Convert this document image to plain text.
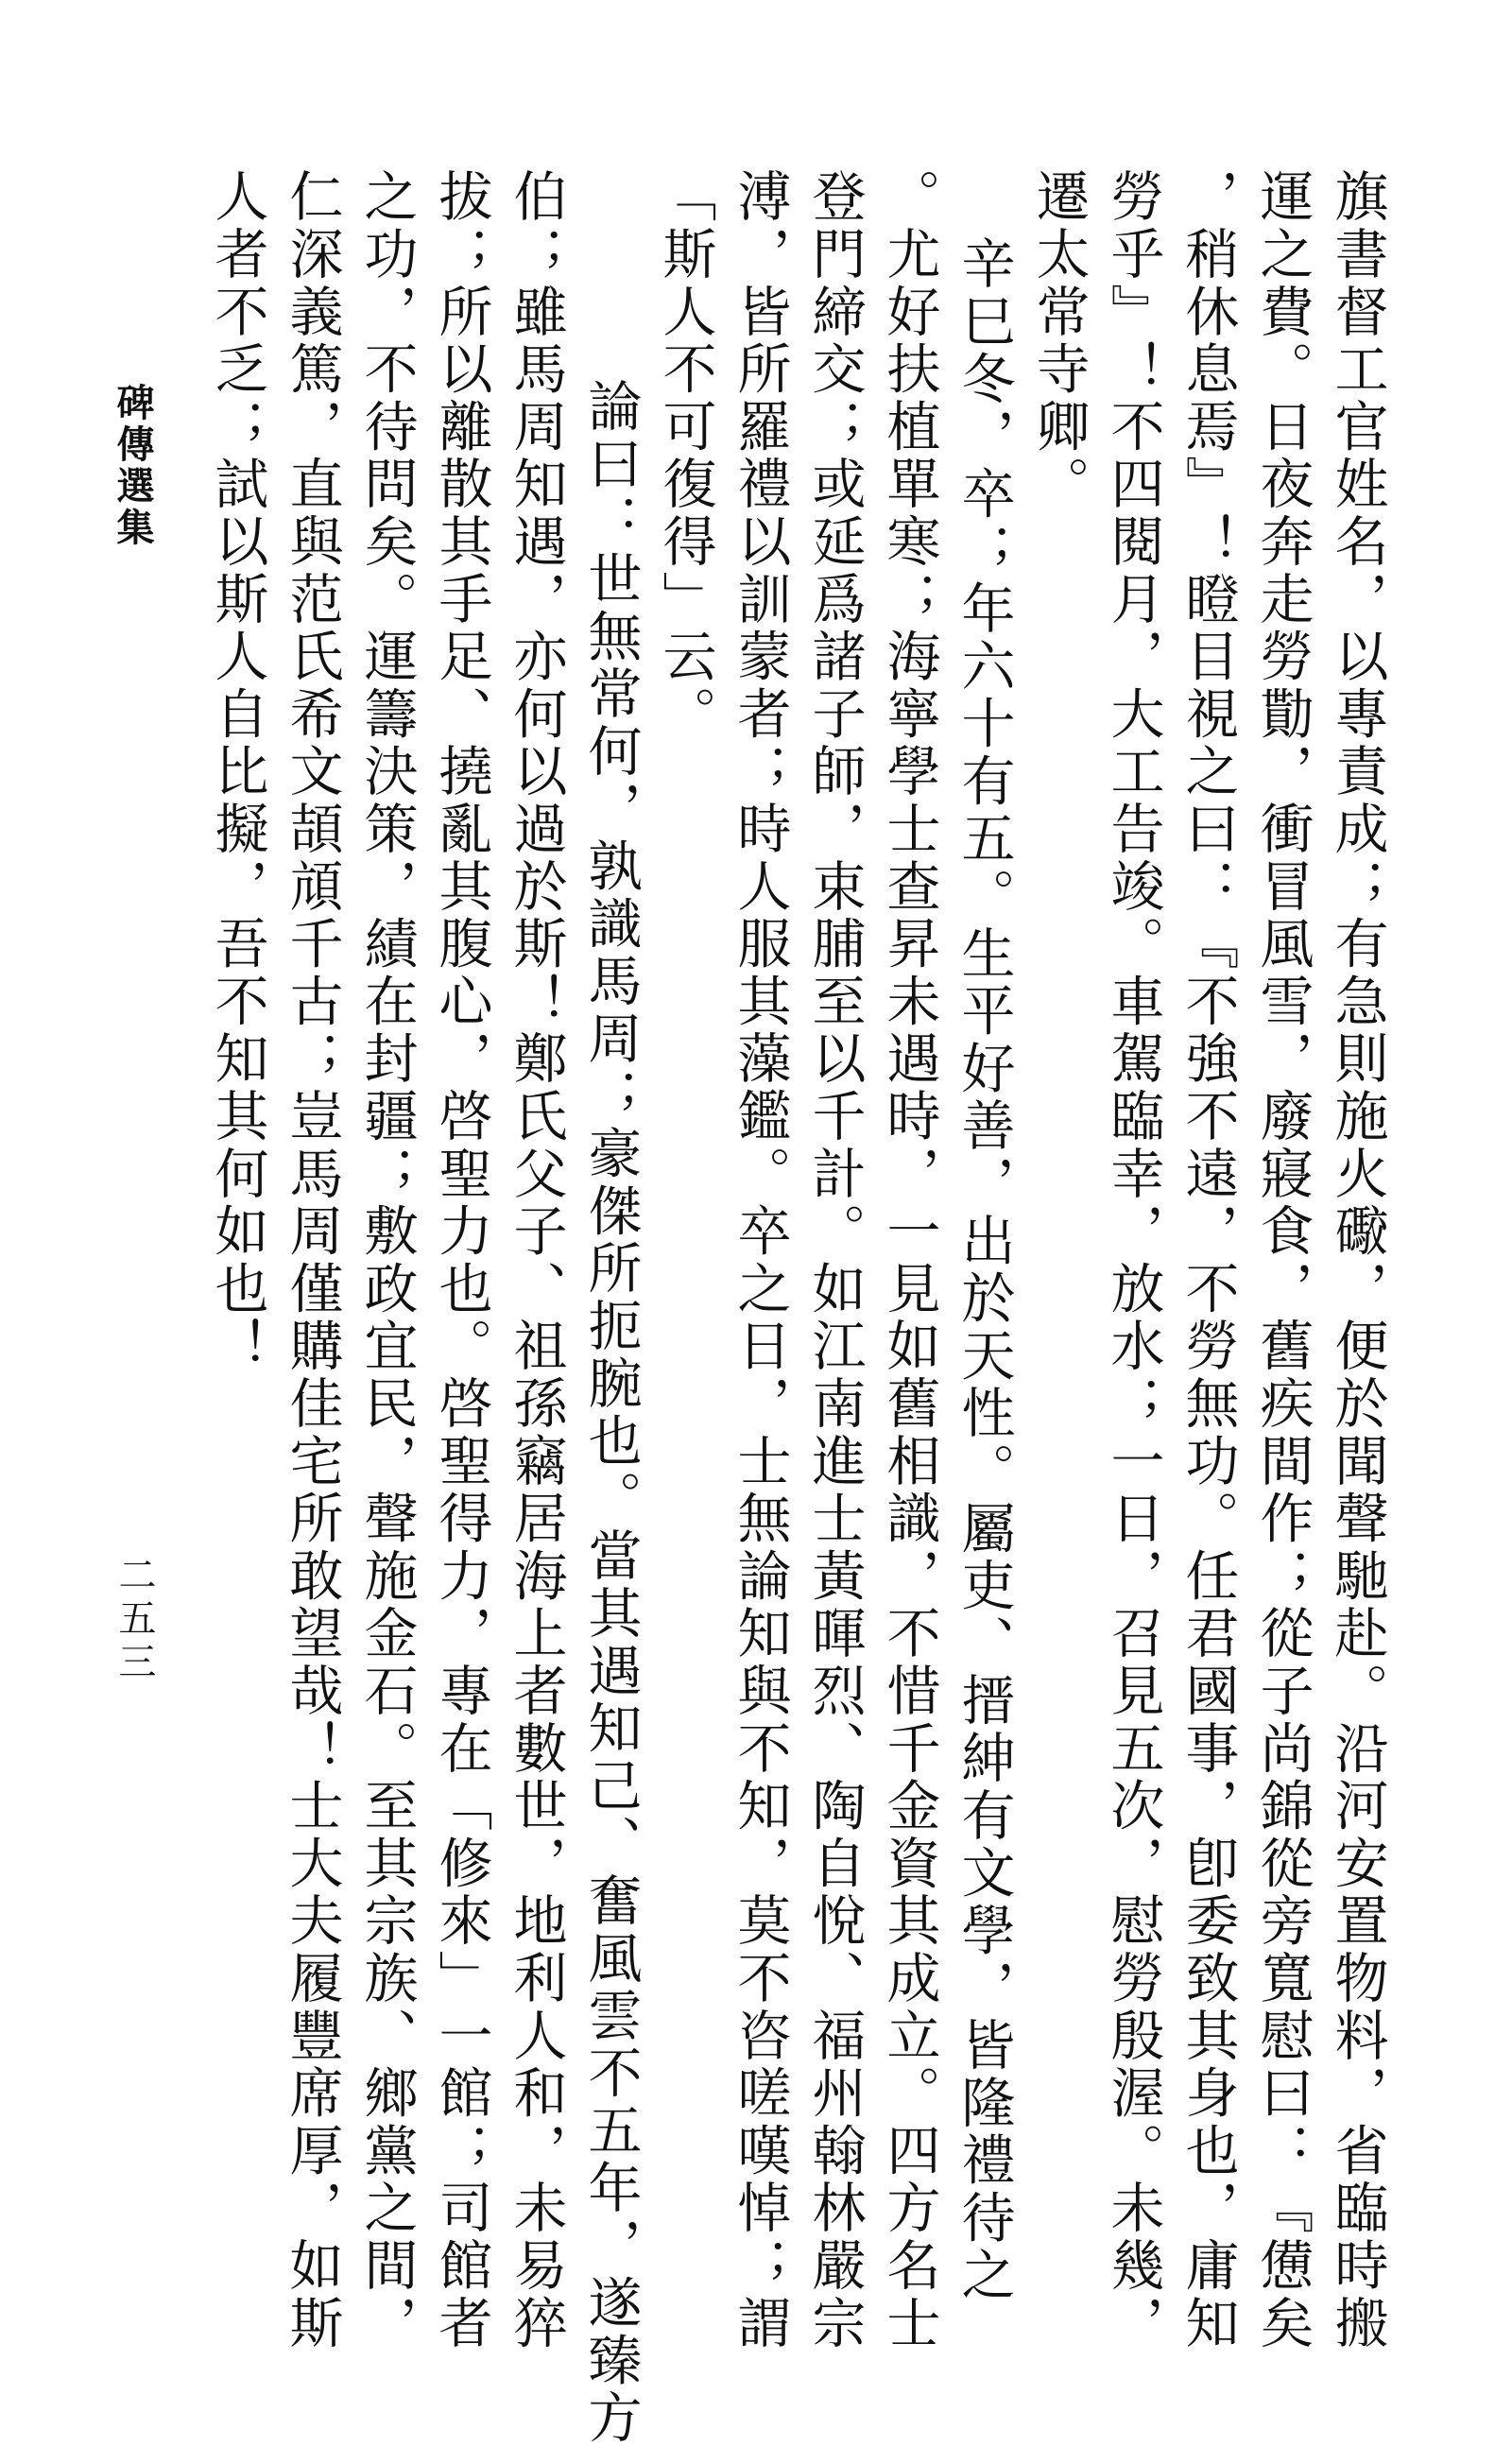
旗書督工官姓名，以專責成；有急則施火礮，便於聞聲馳赴。沿河安置物料，省臨時搬
運之費。日夜奔走勞勩，衝冒風雪，廢寢食，舊疾間作；從子尚錦從旁寬慰曰：『憊矣
，稍休息焉』！瞪目視之曰：『不強不遠，不勞無功。任君國事，卽委致其身也，庸知
勞乎』！不四閱月，大工告竣。車駕臨幸，放水；一日，召見五次，慰勞殷渥。未幾，
遷太常寺卿。
辛巳冬，卒；年六十有五。生平好善，出於天性。屬吏、搢紳有文學，皆隆禮待之
。尤好扶植單寒；海寧學士查昇未遇時，一見如舊相識，不惜千金資其成立。四方名士
登門締交；或延爲諸子師，束脯至以千計。如江南進士黃暉烈、陶自悅、福州翰林嚴宗
溥，皆所羅禮以訓蒙者；時人服其藻鑑。卒之日，士無論知與不知，莫不咨嗟嘆悼；謂
「斯人不可復得」云。
論曰：世無常何，孰識馬周；豪傑所扼腕也。當其遇知己、奮風雲不五年，遂臻方
伯；雖馬周知遇，亦何以過於斯！鄭氏父子、祖孫竊居海上者數世，地利人和，未易猝
拔；所以離散其手足、撓亂其腹心，啓聖力也。啓聖得力，專在「修來」一館；司館者
之功，不待問矣。運籌決策，績在封疆；敷政宜民，聲施金石。至其宗族、鄉黨之間，
仁深義篤，直與范氏希文頡頏千古；豈馬周僅購佳宅所敢望哉！士大夫履豐席厚，如斯
人者不乏；試以斯人自比擬，吾不知其何如也！
碑傳選集
二五三
